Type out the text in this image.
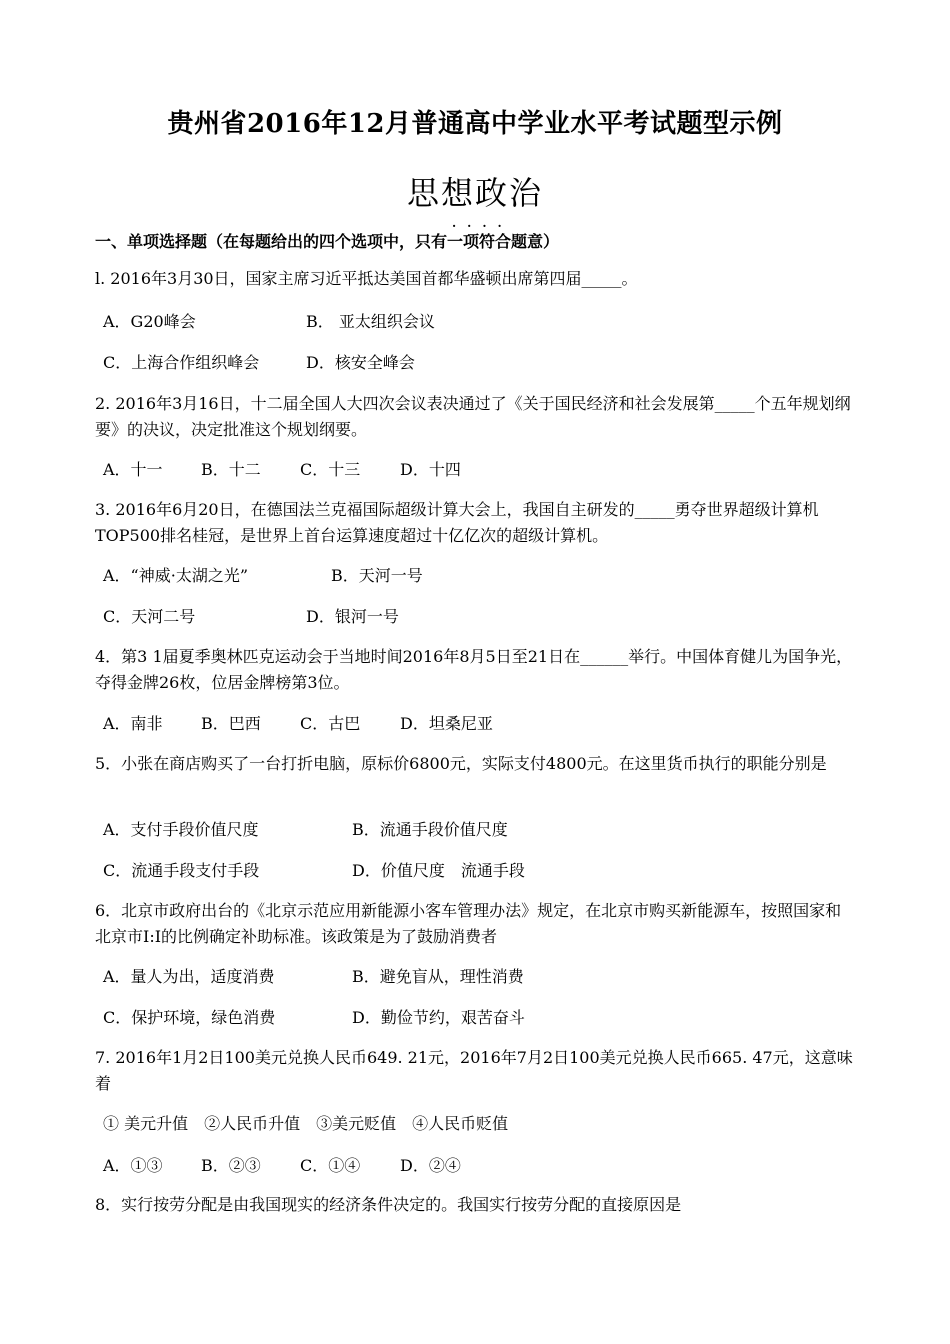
贵州省2016年12月普通高中学业水平考试题型示例
思想政治
....
一、单项选择题（在每题给出的四个选项中，只有一项符合题意）
l. 2016年3月30日，国家主席习近平抵达美国首都华盛顿出席第四届_____。
A．G20峰会	B． 亚太组织会议
C．上海合作组织峰会	D．核安全峰会
2. 2016年3月16日，十二届全国人大四次会议表决通过了《关于国民经济和社会发展第_____个五年规划纲要》的决议，决定批准这个规划纲要。
A．十一 B．十二 C．十三 D．十四
3. 2016年6月20日，在德国法兰克福国际超级计算大会上，我国自主研发的_____勇夺世界超级计算机TOP500排名桂冠，是世界上首台运算速度超过十亿亿次的超级计算机。
A．“神威·太湖之光”	B．天河一号
C．天河二号	D．银河一号
4．第3 1届夏季奥林匹克运动会于当地时间2016年8月5日至21日在______举行。中国体育健儿为国争光，夺得金牌26枚，位居金牌榜第3位。
A．南非 B．巴西 C．古巴 D．坦桑尼亚
5．小张在商店购买了一台打折电脑，原标价6800元，实际支付4800元。在这里货币执行的职能分别是
A．支付手段价值尺度	B．流通手段价值尺度
C．流通手段支付手段	D．价值尺度　流通手段
6．北京市政府出台的《北京示范应用新能源小客车管理办法》规定，在北京市购买新能源车，按照国家和北京市I:I的比例确定补助标准。该政策是为了鼓励消费者
A．量人为出，适度消费	B．避免盲从，理性消费
C．保护环境，绿色消费	D．勤俭节约，艰苦奋斗
7. 2016年1月2日100美元兑换人民币649. 21元，2016年7月2日100美元兑换人民币665. 47元，这意味着
① 美元升值　②人民币升值　③美元贬值　④人民币贬值
A．①③ B．②③ C．①④ D．②④
8．实行按劳分配是由我国现实的经济条件决定的。我国实行按劳分配的直接原因是
